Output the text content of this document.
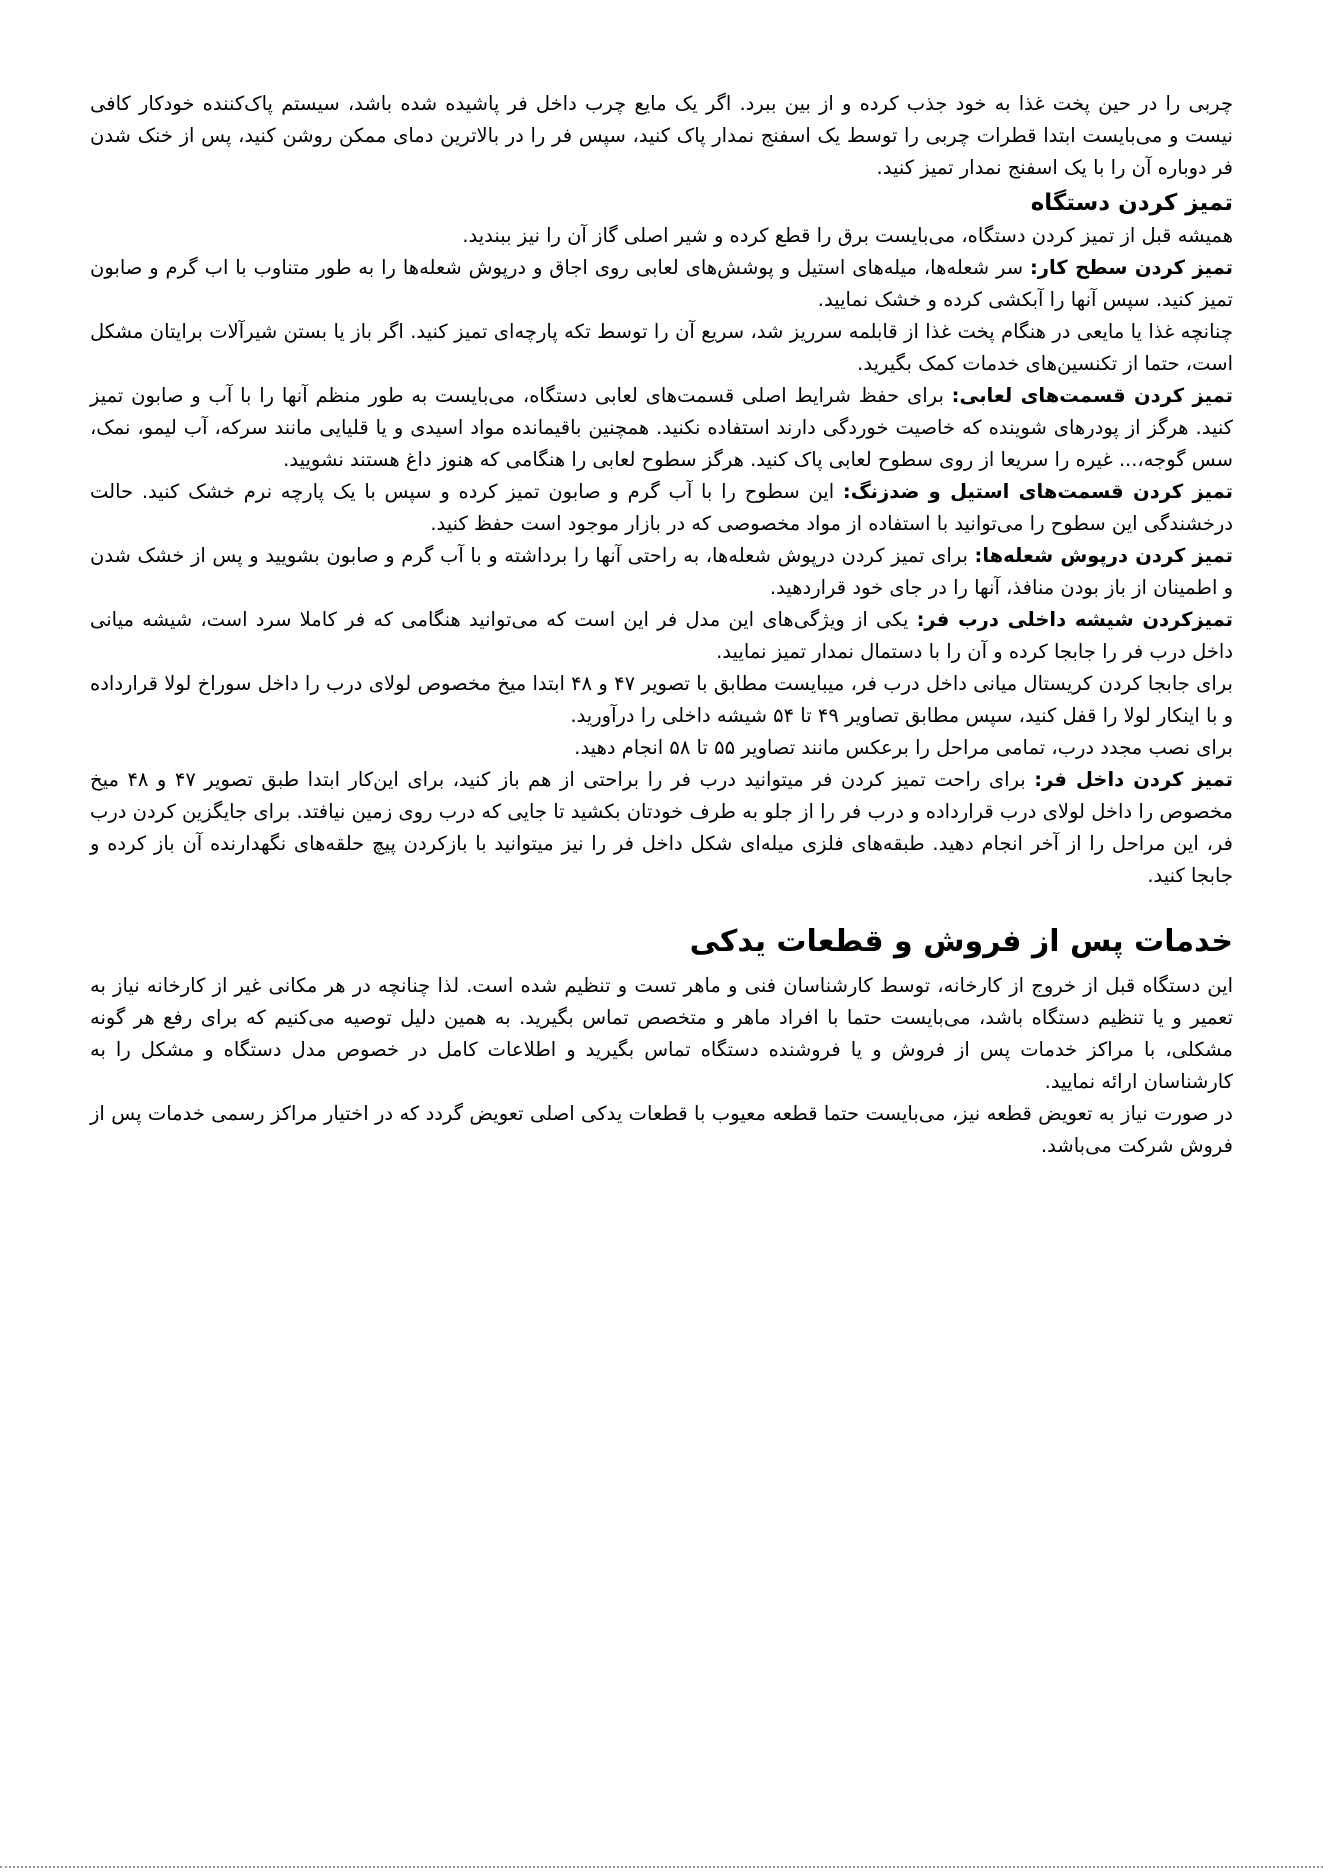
چربی را در حین پخت غذا به خود جذب کرده و از بین ببرد. اگر یک مایع چرب داخل فر پاشیده شده باشد، سیستم پاک‌کننده خودکار کافی نیست و می‌بایست ابتدا قطرات چربی را توسط یک اسفنج نمدار پاک کنید، سپس فر را در بالاترین دمای ممکن روشن کنید، پس از خنک شدن فر دوباره آن را با یک اسفنج نمدار تمیز کنید.

تمیز کردن دستگاه

همیشه قبل از تمیز کردن دستگاه، می‌بایست برق را قطع کرده و شیر اصلی گاز آن را نیز ببندید.

تمیز کردن سطح کار: سر شعله‌ها، میله‌های استیل و پوشش‌های لعابی روی اجاق و درپوش شعله‌ها را به طور متناوب با اب گرم و صابون تمیز کنید. سپس آنها را آبکشی کرده و خشک نمایید.

چنانچه غذا یا مایعی در هنگام پخت غذا از قابلمه سرریز شد، سریع آن را توسط تکه پارچه‌ای تمیز کنید. اگر باز یا بستن شیرآلات برایتان مشکل است، حتما از تکنسین‌های خدمات کمک بگیرید.

تمیز کردن قسمت‌های لعابی: برای حفظ شرایط اصلی قسمت‌های لعابی دستگاه، می‌بایست به طور منظم آنها را با آب و صابون تمیز کنید. هرگز از پودرهای شوینده که خاصیت خوردگی دارند استفاده نکنید. همچنین باقیمانده مواد اسیدی و یا قلیایی مانند سرکه، آب لیمو، نمک، سس گوجه،... غیره را سریعا از روی سطوح لعابی پاک کنید. هرگز سطوح لعابی را هنگامی که هنوز داغ هستند نشویید.

تمیز کردن قسمت‌های استیل و ضدزنگ: این سطوح را با آب گرم و صابون تمیز کرده و سپس با یک پارچه نرم خشک کنید. حالت درخشندگی این سطوح را می‌توانید با استفاده از مواد مخصوصی که در بازار موجود است حفظ کنید.

تمیز کردن درپوش شعله‌ها: برای تمیز کردن درپوش شعله‌ها، به راحتی آنها را برداشته و با آب گرم و صابون بشویید و پس از خشک شدن و اطمینان از باز بودن منافذ، آنها را در جای خود قراردهید.

تمیزکردن شیشه داخلی درب فر: یکی از ویژگی‌های این مدل فر این است که می‌توانید هنگامی که فر کاملا سرد است، شیشه میانی داخل درب فر را جابجا کرده و آن را با دستمال نمدار تمیز نمایید.

برای جابجا کردن کریستال میانی داخل درب فر، میبایست مطابق با تصویر ۴۷ و ۴۸ ابتدا میخ مخصوص لولای درب را داخل سوراخ لولا قرارداده و با اینکار لولا را قفل کنید، سپس مطابق تصاویر ۴۹ تا ۵۴ شیشه داخلی را درآورید.

برای نصب مجدد درب، تمامی مراحل را برعکس مانند تصاویر ۵۵ تا ۵۸ انجام دهید.

تمیز کردن داخل فر: برای راحت تمیز کردن فر میتوانید درب فر را براحتی از هم باز کنید، برای این‌کار ابتدا طبق تصویر ۴۷ و ۴۸ میخ مخصوص را داخل لولای درب قرارداده و درب فر را از جلو به طرف خودتان بکشید تا جایی که درب روی زمین نیافتد. برای جایگزین کردن درب فر، این مراحل را از آخر انجام دهید. طبقه‌های فلزی میله‌ای شکل داخل فر را نیز میتوانید با بازکردن پیچ حلقه‌های نگهدارنده آن باز کرده و جابجا کنید.

خدمات پس از فروش و قطعات یدکی

این دستگاه قبل از خروج از کارخانه، توسط کارشناسان فنی و ماهر تست و تنظیم شده است. لذا چنانچه در هر مکانی غیر از کارخانه نیاز به تعمیر و یا تنظیم دستگاه باشد، می‌بایست حتما با افراد ماهر و متخصص تماس بگیرید. به همین دلیل توصیه می‌کنیم که برای رفع هر گونه مشکلی، با مراکز خدمات پس از فروش و یا فروشنده دستگاه تماس بگیرید و اطلاعات کامل در خصوص مدل دستگاه و مشکل را به کارشناسان ارائه نمایید.

در صورت نیاز به تعویض قطعه نیز، می‌بایست حتما قطعه معیوب با قطعات یدکی اصلی تعویض گردد که در اختیار مراکز رسمی خدمات پس از فروش شرکت می‌باشد.
